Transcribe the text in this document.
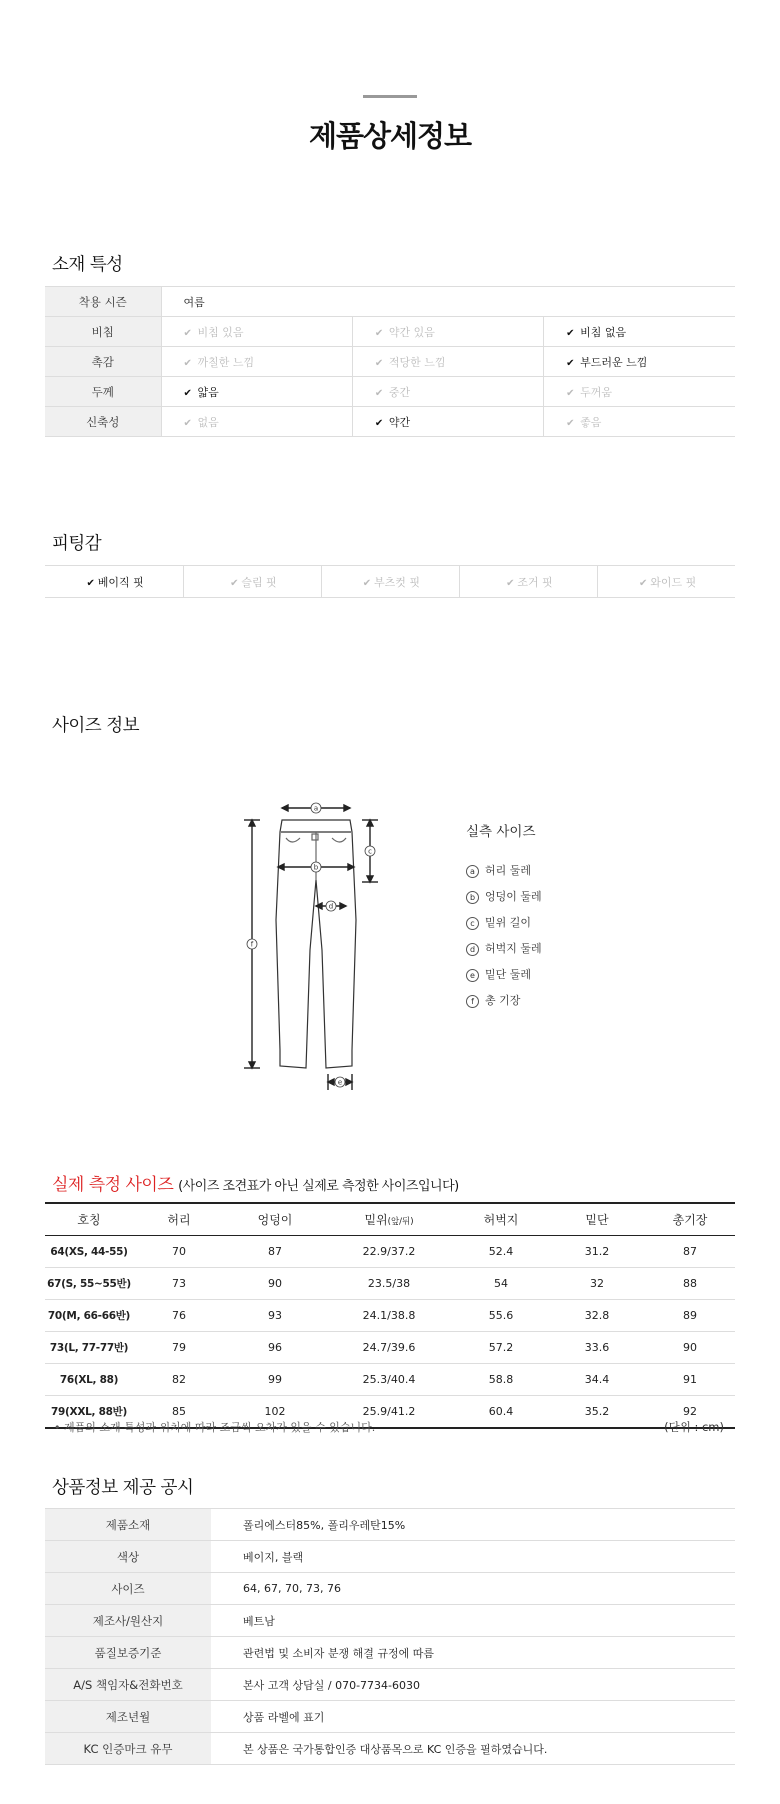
제품상세정보
소재 특성
착용 시즌	여름		
비침	✔ 비침 있음	✔ 약간 있음	✔ 비침 없음
촉감	✔ 까칠한 느낌	✔ 적당한 느낌	✔ 부드러운 느낌
두께	✔ 얇음	✔ 중간	✔ 두꺼움
신축성	✔ 없음	✔ 약간	✔ 좋음
피팅감
✔ 베이직 핏	✔ 슬림 핏	✔ 부츠컷 핏	✔ 조거 핏	✔ 와이드 핏
사이즈 정보
a
b
c
d
e
f
실측 사이즈
a 허리 둘레
b 엉덩이 둘레
c 밑위 길이
d 허벅지 둘레
e 밑단 둘레
f	총 기장
실제 측정 사이즈 (사이즈 조견표가 아닌 실제로 측정한 사이즈입니다)
호칭	허리	엉덩이	밑위(앞/뒤)	허벅지	밑단	총기장
64(XS, 44-55)	70	87	22.9/37.2	52.4	31.2	87
67(S, 55~55반)	73	90	23.5/38	54	32	88
70(M, 66-66반)	76	93	24.1/38.8	55.6	32.8	89
73(L, 77-77반)	79	96	24.7/39.6	57.2	33.6	90
76(XL, 88)	82	99	25.3/40.4	58.8	34.4	91
79(XXL, 88반)	85	102	25.9/41.2	60.4	35.2	92
• 제품의 소재 특성과 위치에 따라 조금씩 오차가 있을 수 있습니다.	(단위 : cm)
상품정보 제공 공시
제품소재	폴리에스터85%, 폴리우레탄15%
색상	베이지, 블랙
사이즈	64, 67, 70, 73, 76
제조사/원산지	베트남
품질보증기준	관련법 및 소비자 분쟁 해결 규정에 따름
A/S 책임자&전화번호	본사 고객 상담실 / 070-7734-6030
제조년월	상품 라벨에 표기
KC 인증마크 유무	본 상품은 국가통합인증 대상품목으로 KC 인증을 필하였습니다.
